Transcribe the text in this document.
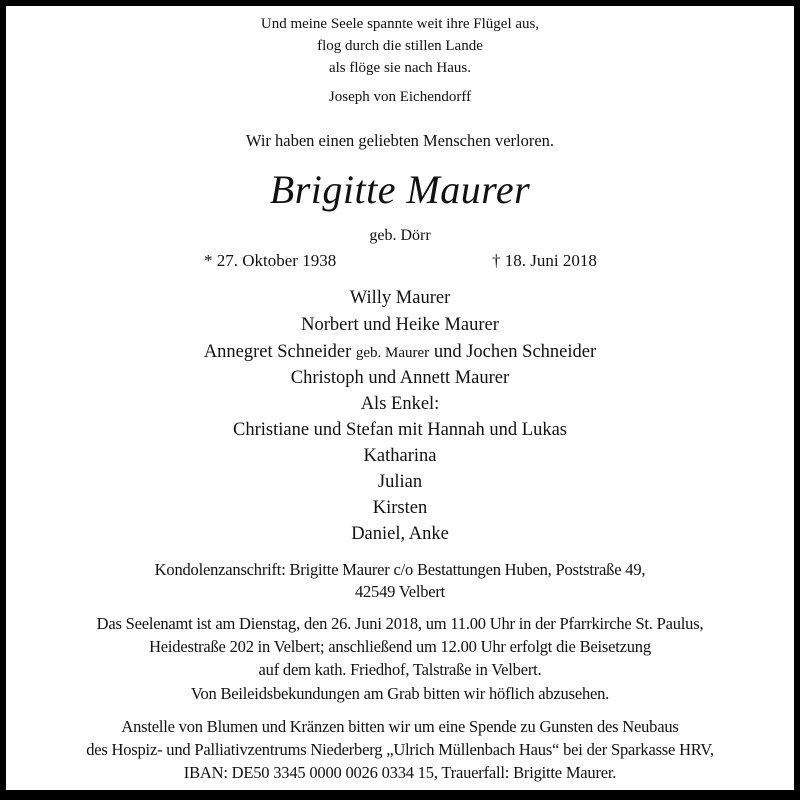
Und meine Seele spannte weit ihre Flügel aus,
flog durch die stillen Lande
als flöge sie nach Haus.
Joseph von Eichendorff
Wir haben einen geliebten Menschen verloren.
Brigitte Maurer
geb. Dörr
* 27. Oktober 1938	† 18. Juni 2018
Willy Maurer
Norbert und Heike Maurer
Annegret Schneider geb. Maurer und Jochen Schneider
Christoph und Annett Maurer
Als Enkel:
Christiane und Stefan mit Hannah und Lukas
Katharina
Julian
Kirsten
Daniel, Anke
Kondolenzanschrift: Brigitte Maurer c/o Bestattungen Huben, Poststraße 49,
42549 Velbert
Das Seelenamt ist am Dienstag, den 26. Juni 2018, um 11.00 Uhr in der Pfarrkirche St. Paulus,
Heidestraße 202 in Velbert; anschließend um 12.00 Uhr erfolgt die Beisetzung
auf dem kath. Friedhof, Talstraße in Velbert.
Von Beileidsbekundungen am Grab bitten wir höflich abzusehen.
Anstelle von Blumen und Kränzen bitten wir um eine Spende zu Gunsten des Neubaus
des Hospiz- und Palliativzentrums Niederberg „Ulrich Müllenbach Haus“ bei der Sparkasse HRV,
IBAN: DE50 3345 0000 0026 0334 15, Trauerfall: Brigitte Maurer.
